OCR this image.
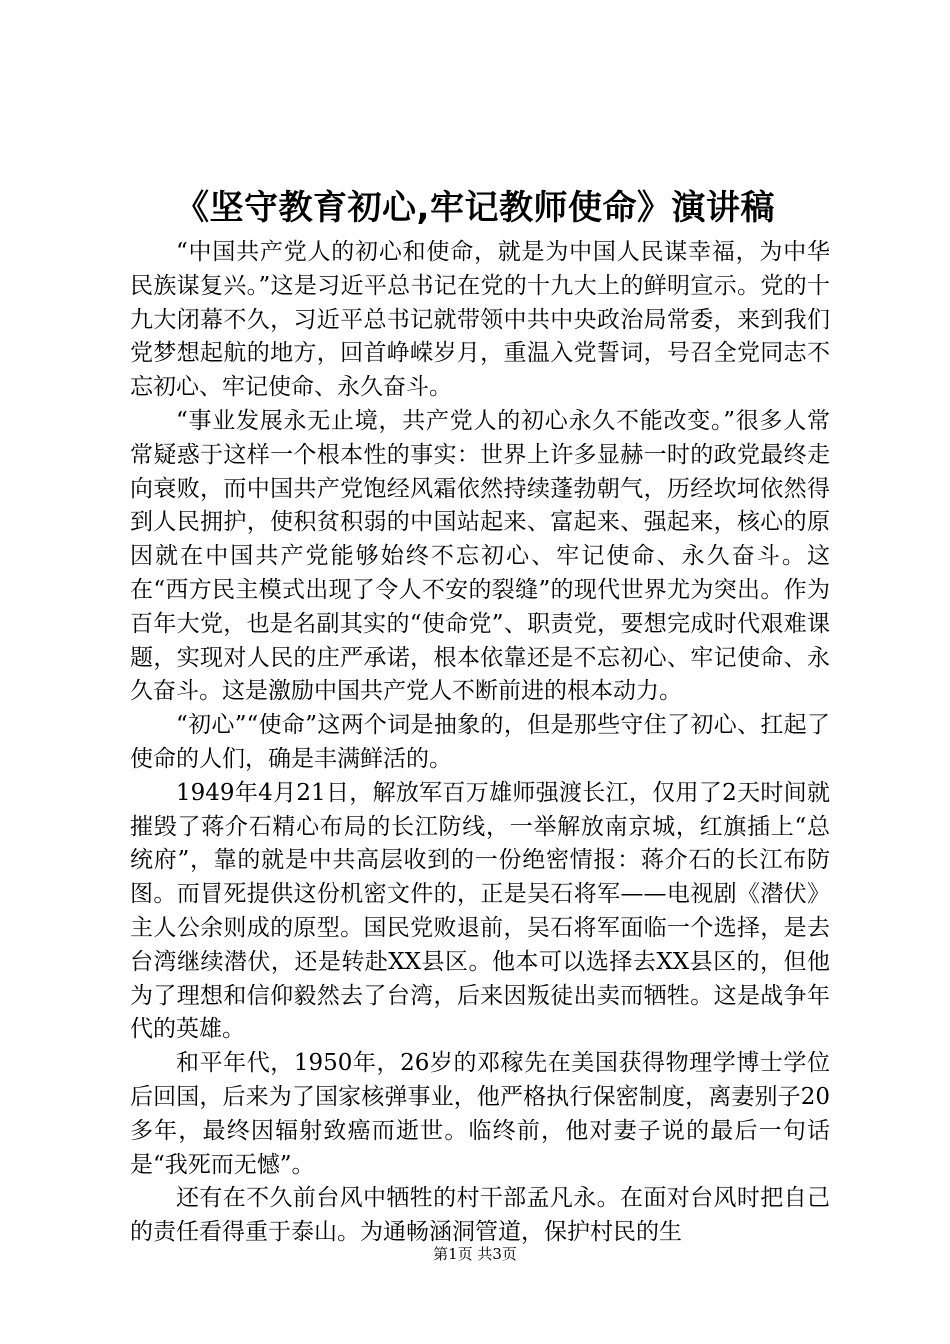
《坚守教育初心,牢记教师使命》演讲稿

“中国共产党人的初心和使命，就是为中国人民谋幸福，为中华民族谋复兴。”这是习近平总书记在党的十九大上的鲜明宣示。党的十九大闭幕不久，习近平总书记就带领中共中央政治局常委，来到我们党梦想起航的地方，回首峥嵘岁月，重温入党誓词，号召全党同志不忘初心、牢记使命、永久奋斗。

“事业发展永无止境，共产党人的初心永久不能改变。”很多人常常疑惑于这样一个根本性的事实：世界上许多显赫一时的政党最终走向衰败，而中国共产党饱经风霜依然持续蓬勃朝气，历经坎坷依然得到人民拥护，使积贫积弱的中国站起来、富起来、强起来，核心的原因就在中国共产党能够始终不忘初心、牢记使命、永久奋斗。这在“西方民主模式出现了令人不安的裂缝”的现代世界尤为突出。作为百年大党，也是名副其实的“使命党”、职责党，要想完成时代艰难课题，实现对人民的庄严承诺，根本依靠还是不忘初心、牢记使命、永久奋斗。这是激励中国共产党人不断前进的根本动力。

“初心”“使命”这两个词是抽象的，但是那些守住了初心、扛起了使命的人们，确是丰满鲜活的。

1949年4月21日，解放军百万雄师强渡长江，仅用了2天时间就摧毁了蒋介石精心布局的长江防线，一举解放南京城，红旗插上“总统府”，靠的就是中共高层收到的一份绝密情报：蒋介石的长江布防图。而冒死提供这份机密文件的，正是吴石将军——电视剧《潜伏》主人公余则成的原型。国民党败退前，吴石将军面临一个选择，是去台湾继续潜伏，还是转赴XX县区。他本可以选择去XX县区的，但他为了理想和信仰毅然去了台湾，后来因叛徒出卖而牺牲。这是战争年代的英雄。

和平年代，1950年，26岁的邓稼先在美国获得物理学博士学位后回国，后来为了国家核弹事业，他严格执行保密制度，离妻别子20多年，最终因辐射致癌而逝世。临终前，他对妻子说的最后一句话是“我死而无憾”。

还有在不久前台风中牺牲的村干部孟凡永。在面对台风时把自己的责任看得重于泰山。为通畅涵洞管道，保护村民的生

第1页 共3页
